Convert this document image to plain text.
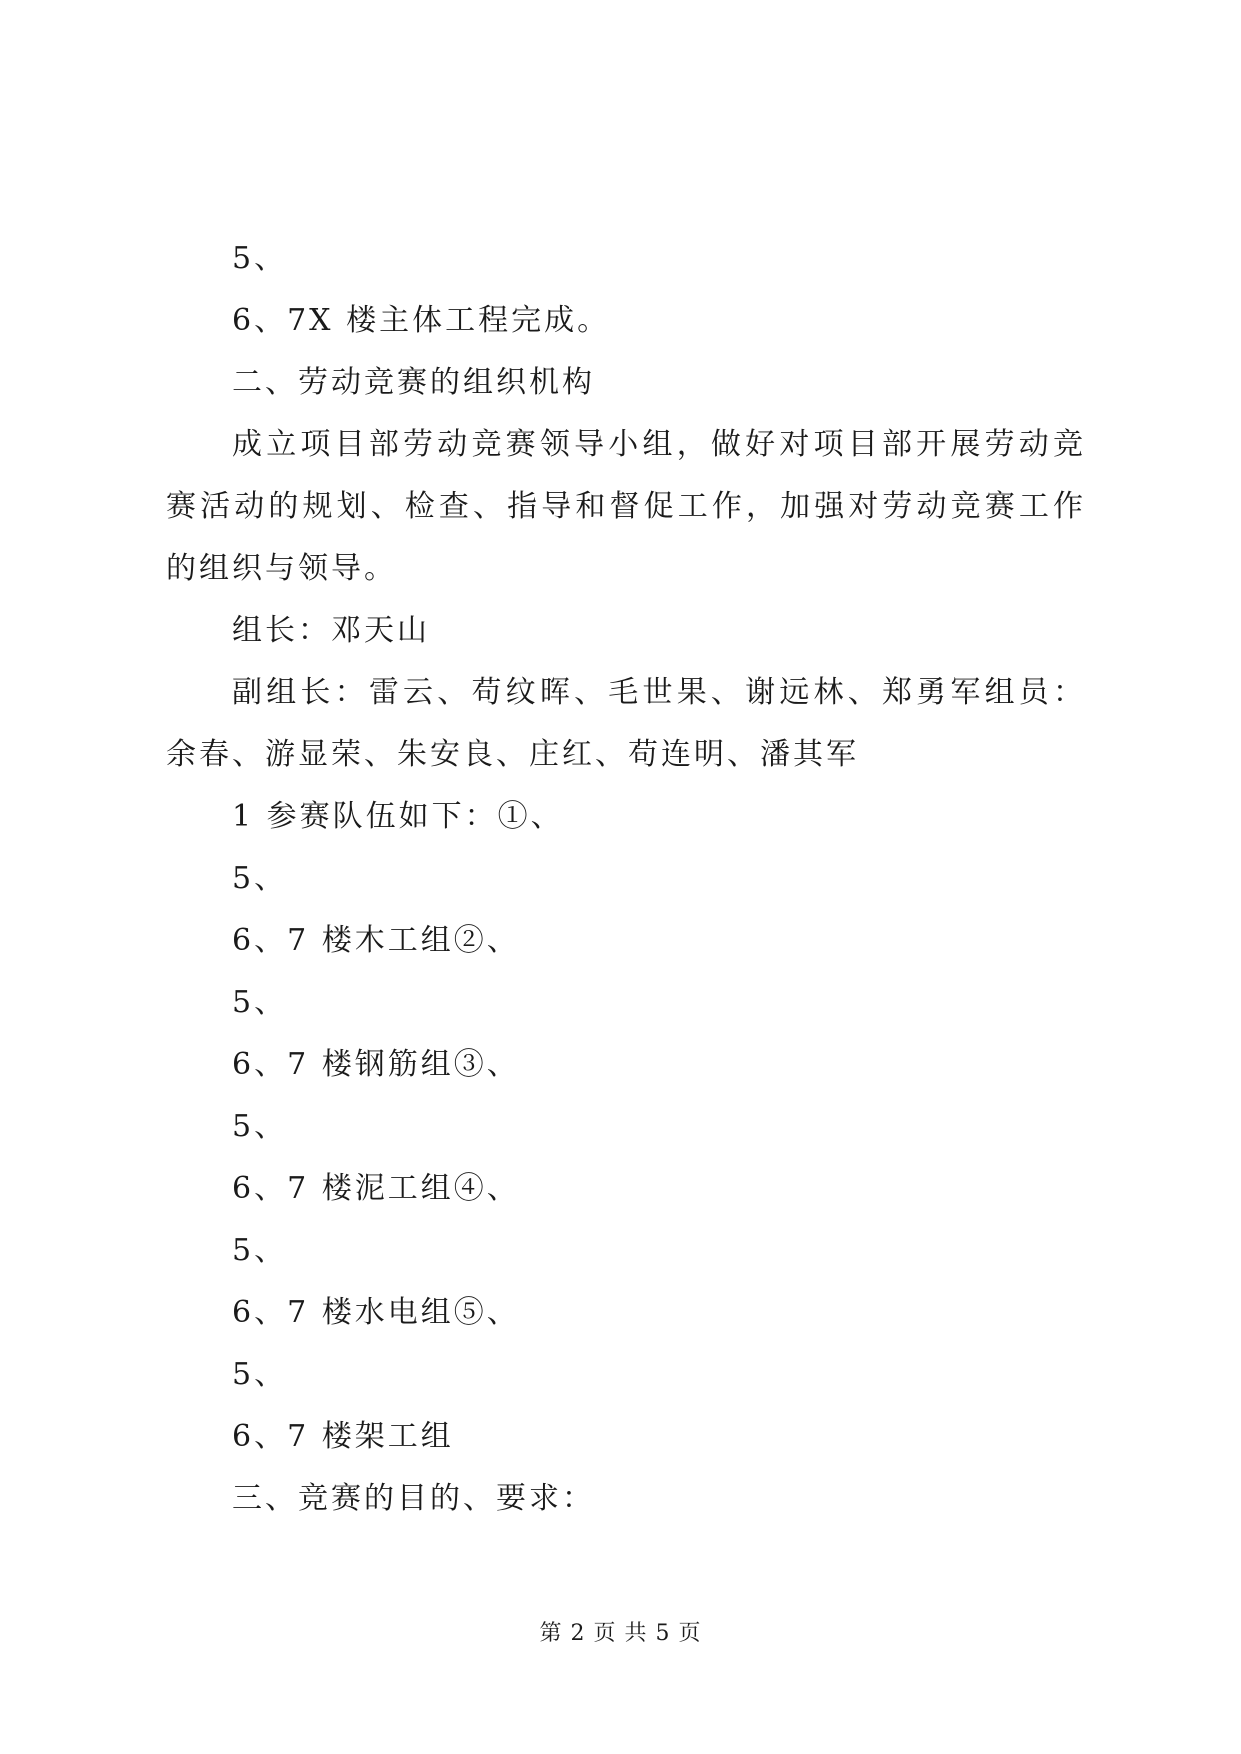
5、
6、7X 楼主体工程完成。
二、劳动竞赛的组织机构

成立项目部劳动竞赛领导小组，做好对项目部开展劳动竞赛活动的规划、检查、指导和督促工作，加强对劳动竞赛工作的组织与领导。

组长：邓天山

副组长：雷云、苟纹晖、毛世果、谢远林、郑勇军组员：余春、游显荣、朱安良、庄红、苟连明、潘其军

1 参赛队伍如下：①、
5、
6、7 楼木工组②、
5、
6、7 楼钢筋组③、
5、
6、7 楼泥工组④、
5、
6、7 楼水电组⑤、
5、
6、7 楼架工组
三、竞赛的目的、要求：
第 2 页 共 5 页
